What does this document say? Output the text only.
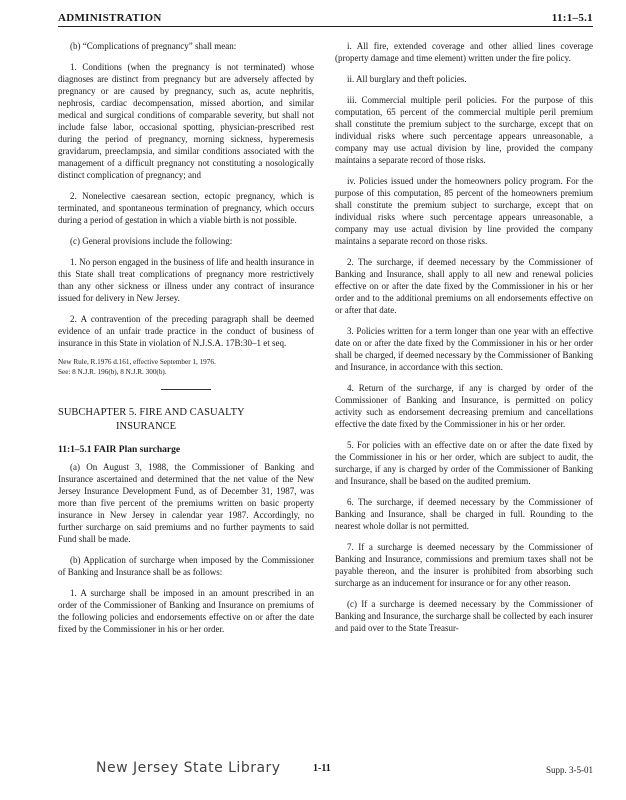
ADMINISTRATION	11:1–5.1

(b) “Complications of pregnancy” shall mean:

1. Conditions (when the pregnancy is not terminated) whose diagnoses are distinct from pregnancy but are adversely affected by pregnancy or are caused by pregnancy, such as, acute nephritis, nephrosis, cardiac decompensation, missed abortion, and similar medical and surgical conditions of comparable severity, but shall not include false labor, occasional spotting, physician-prescribed rest during the period of pregnancy, morning sickness, hyperemesis gravidarum, preeclampsia, and similar conditions associated with the management of a difficult pregnancy not constituting a nosologically distinct complication of pregnancy; and

2. Nonelective caesarean section, ectopic pregnancy, which is terminated, and spontaneous termination of pregnancy, which occurs during a period of gestation in which a viable birth is not possible.

(c) General provisions include the following:

1. No person engaged in the business of life and health insurance in this State shall treat complications of pregnancy more restrictively than any other sickness or illness under any contract of insurance issued for delivery in New Jersey.

2. A contravention of the preceding paragraph shall be deemed evidence of an unfair trade practice in the conduct of business of insurance in this State in violation of N.J.S.A. 17B:30–1 et seq.

New Rule, R.1976 d.161, effective September 1, 1976.
See: 8 N.J.R. 196(b), 8 N.J.R. 300(b).
SUBCHAPTER 5. FIRE AND CASUALTY
INSURANCE
11:1–5.1 FAIR Plan surcharge

(a) On August 3, 1988, the Commissioner of Banking and Insurance ascertained and determined that the net value of the New Jersey Insurance Development Fund, as of December 31, 1987, was more than five percent of the premiums written on basic property insurance in New Jersey in calendar year 1987. Accordingly, no further surcharge on said premiums and no further payments to said Fund shall be made.

(b) Application of surcharge when imposed by the Commissioner of Banking and Insurance shall be as follows:

1. A surcharge shall be imposed in an amount prescribed in an order of the Commissioner of Banking and Insurance on premiums of the following policies and endorsements effective on or after the date fixed by the Commissioner in his or her order.

i. All fire, extended coverage and other allied lines coverage (property damage and time element) written under the fire policy.

ii. All burglary and theft policies.

iii. Commercial multiple peril policies. For the purpose of this computation, 65 percent of the commercial multiple peril premium shall constitute the premium subject to the surcharge, except that on individual risks where such percentage appears unreasonable, a company may use actual division by line, provided the company maintains a separate record of those risks.

iv. Policies issued under the homeowners policy program. For the purpose of this computation, 85 percent of the homeowners premium shall constitute the premium subject to surcharge, except that on individual risks where such percentage appears unreasonable, a company may use actual division by line provided the company maintains a separate record on those risks.

2. The surcharge, if deemed necessary by the Commissioner of Banking and Insurance, shall apply to all new and renewal policies effective on or after the date fixed by the Commissioner in his or her order and to the additional premiums on all endorsements effective on or after that date.

3. Policies written for a term longer than one year with an effective date on or after the date fixed by the Commissioner in his or her order shall be charged, if deemed necessary by the Commissioner of Banking and Insurance, in accordance with this section.

4. Return of the surcharge, if any is charged by order of the Commissioner of Banking and Insurance, is permitted on policy activity such as endorsement decreasing premium and cancellations effective the date fixed by the Commissioner in his or her order.

5. For policies with an effective date on or after the date fixed by the Commissioner in his or her order, which are subject to audit, the surcharge, if any is charged by order of the Commissioner of Banking and Insurance, shall be based on the audited premium.

6. The surcharge, if deemed necessary by the Commissioner of Banking and Insurance, shall be charged in full. Rounding to the nearest whole dollar is not permitted.

7. If a surcharge is deemed necessary by the Commissioner of Banking and Insurance, commissions and premium taxes shall not be payable thereon, and the insurer is prohibited from absorbing such surcharge as an inducement for insurance or for any other reason.

(c) If a surcharge is deemed necessary by the Commissioner of Banking and Insurance, the surcharge shall be collected by each insurer and paid over to the State Treasur-

New Jersey State Library	1-11	Supp. 3-5-01
